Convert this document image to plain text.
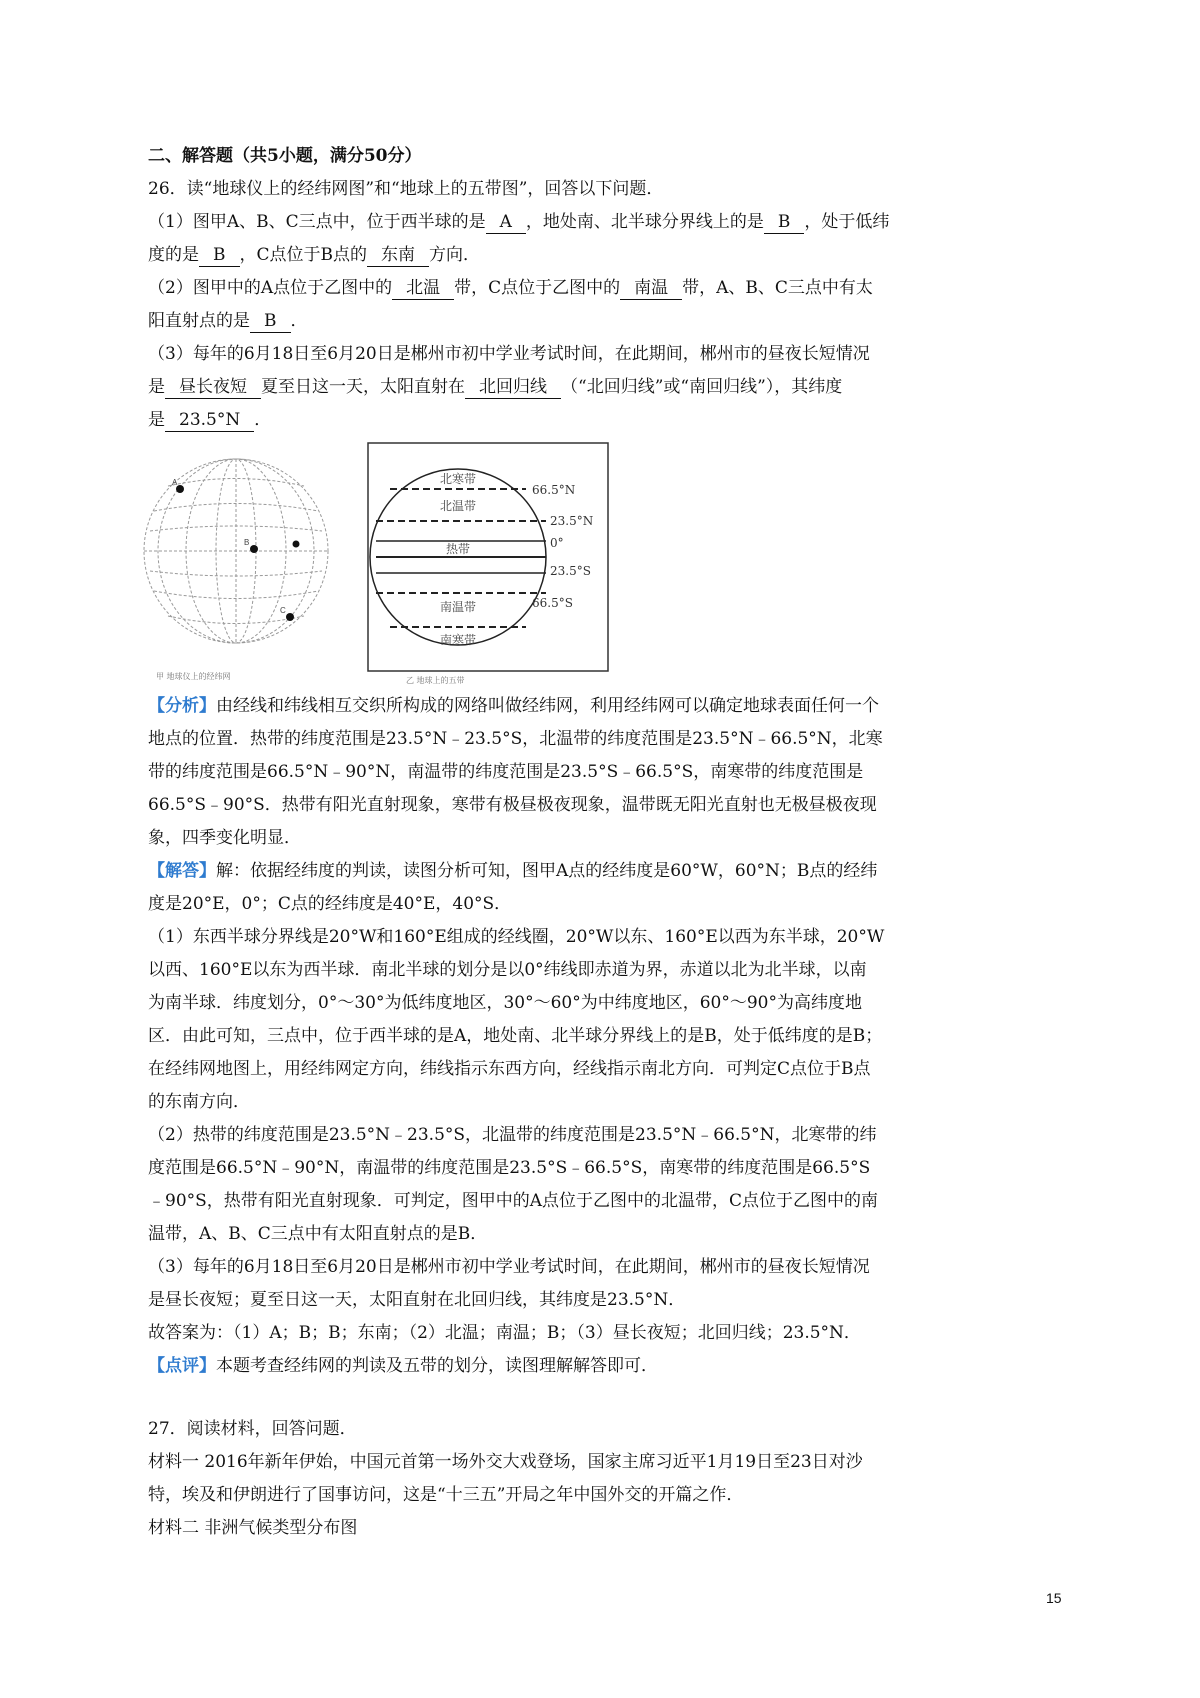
二、解答题（共5小题，满分50分）
26．读“地球仪上的经纬网图”和“地球上的五带图”，回答以下问题．
（1）图甲A、B、C三点中，位于西半球的是 A ，地处南、北半球分界线上的是 B ，处于低纬
度的是 B ，C点位于B点的 东南 方向．
（2）图甲中的A点位于乙图中的 北温 带，C点位于乙图中的 南温 带，A、B、C三点中有太
阳直射点的是 B ．
（3）每年的6月18日至6月20日是郴州市初中学业考试时间，在此期间，郴州市的昼夜长短情况
是 昼长夜短 夏至日这一天，太阳直射在 北回归线 （“北回归线”或“南回归线”），其纬度
是 23.5°N ．
A
B
C
甲 地球仪上的经纬网
北寒带
北温带
热带
南温带
南寒带
66.5°N
23.5°N
0°
23.5°S
66.5°S
乙 地球上的五带
【分析】由经线和纬线相互交织所构成的网络叫做经纬网，利用经纬网可以确定地球表面任何一个
地点的位置．热带的纬度范围是23.5°N﹣23.5°S，北温带的纬度范围是23.5°N﹣66.5°N，北寒
带的纬度范围是66.5°N﹣90°N，南温带的纬度范围是23.5°S﹣66.5°S，南寒带的纬度范围是
66.5°S﹣90°S．热带有阳光直射现象，寒带有极昼极夜现象，温带既无阳光直射也无极昼极夜现
象，四季变化明显．
【解答】解：依据经纬度的判读，读图分析可知，图甲A点的经纬度是60°W，60°N；B点的经纬
度是20°E，0°；C点的经纬度是40°E，40°S．
（1）东西半球分界线是20°W和160°E组成的经线圈，20°W以东、160°E以西为东半球，20°W
以西、160°E以东为西半球．南北半球的划分是以0°纬线即赤道为界，赤道以北为北半球，以南
为南半球．纬度划分，0°～30°为低纬度地区，30°～60°为中纬度地区，60°～90°为高纬度地
区．由此可知，三点中，位于西半球的是A，地处南、北半球分界线上的是B，处于低纬度的是B；
在经纬网地图上，用经纬网定方向，纬线指示东西方向，经线指示南北方向．可判定C点位于B点
的东南方向．
（2）热带的纬度范围是23.5°N﹣23.5°S，北温带的纬度范围是23.5°N﹣66.5°N，北寒带的纬
度范围是66.5°N﹣90°N，南温带的纬度范围是23.5°S﹣66.5°S，南寒带的纬度范围是66.5°S
﹣90°S，热带有阳光直射现象．可判定，图甲中的A点位于乙图中的北温带，C点位于乙图中的南
温带，A、B、C三点中有太阳直射点的是B．
（3）每年的6月18日至6月20日是郴州市初中学业考试时间，在此期间，郴州市的昼夜长短情况
是昼长夜短；夏至日这一天，太阳直射在北回归线，其纬度是23.5°N．
故答案为：（1）A；B；B；东南；（2）北温；南温；B；（3）昼长夜短；北回归线；23.5°N．
【点评】本题考查经纬网的判读及五带的划分，读图理解解答即可．
27．阅读材料，回答问题．
材料一 2016年新年伊始，中国元首第一场外交大戏登场，国家主席习近平1月19日至23日对沙
特，埃及和伊朗进行了国事访问，这是“十三五”开局之年中国外交的开篇之作．
材料二 非洲气候类型分布图
15
